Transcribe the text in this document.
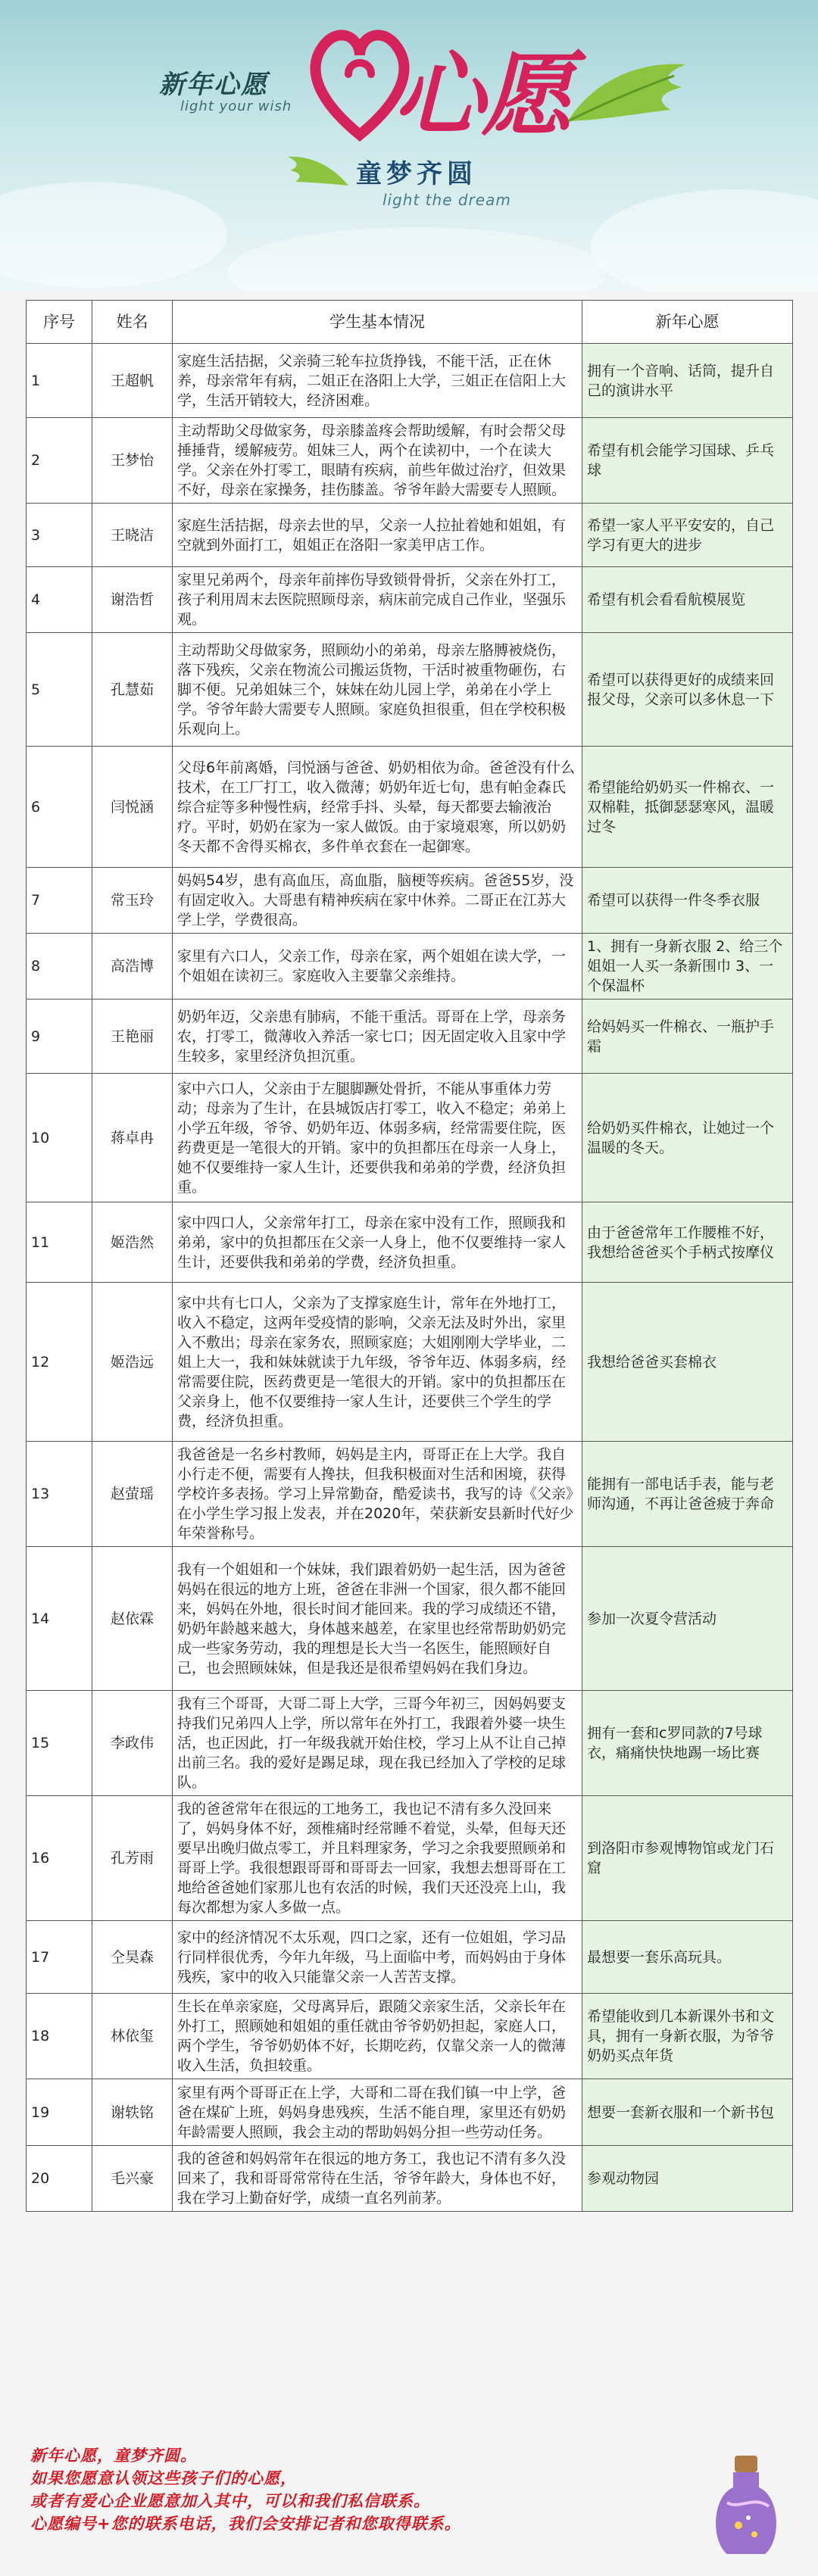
新年心愿
light your wish 心愿
童梦齐圆
light the dream
序号	姓名	学生基本情况	新年心愿
1	王超帆	家庭生活拮据，父亲骑三轮车拉货挣钱，不能干活，正在休养，母亲常年有病，二姐正在洛阳上大学，三姐正在信阳上大学，生活开销较大，经济困难。	拥有一个音响、话筒，提升自己的演讲水平
2	王梦怡	主动帮助父母做家务，母亲膝盖疼会帮助缓解，有时会帮父母捶捶背，缓解疲劳。姐妹三人，两个在读初中，一个在读大学。父亲在外打零工，眼睛有疾病，前些年做过治疗，但效果不好，母亲在家操务，挂伤膝盖。爷爷年龄大需要专人照顾。	希望有机会能学习国球、乒乓球
3	王晓洁	家庭生活拮据，母亲去世的早，父亲一人拉扯着她和姐姐，有空就到外面打工，姐姐正在洛阳一家美甲店工作。	希望一家人平平安安的，自己学习有更大的进步
4	谢浩哲	家里兄弟两个，母亲年前摔伤导致锁骨骨折，父亲在外打工，孩子利用周末去医院照顾母亲，病床前完成自己作业，坚强乐观。	希望有机会看看航模展览
5	孔慧茹	主动帮助父母做家务，照顾幼小的弟弟，母亲左胳膊被烧伤，落下残疾，父亲在物流公司搬运货物，干活时被重物砸伤，右脚不便。兄弟姐妹三个，妹妹在幼儿园上学，弟弟在小学上学。爷爷年龄大需要专人照顾。家庭负担很重，但在学校积极乐观向上。	希望可以获得更好的成绩来回报父母，父亲可以多休息一下
6	闫悦涵	父母6年前离婚，闫悦涵与爸爸、奶奶相依为命。爸爸没有什么技术，在工厂打工，收入微薄；奶奶年近七旬，患有帕金森氏综合症等多种慢性病，经常手抖、头晕，每天都要去输液治疗。平时，奶奶在家为一家人做饭。由于家境艰寒，所以奶奶冬天都不舍得买棉衣，多件单衣套在一起御寒。	希望能给奶奶买一件棉衣、一双棉鞋，抵御瑟瑟寒风，温暖过冬
7	常玉玲	妈妈54岁，患有高血压，高血脂，脑梗等疾病。爸爸55岁，没有固定收入。大哥患有精神疾病在家中休养。二哥正在江苏大学上学，学费很高。	希望可以获得一件冬季衣服
8	高浩博	家里有六口人，父亲工作，母亲在家，两个姐姐在读大学，一个姐姐在读初三。家庭收入主要靠父亲维持。	1、拥有一身新衣服 2、给三个姐姐一人买一条新围巾 3、一个保温杯
9	王艳丽	奶奶年迈，父亲患有肺病，不能干重活。哥哥在上学，母亲务农，打零工，微薄收入养活一家七口；因无固定收入且家中学生较多，家里经济负担沉重。	给妈妈买一件棉衣、一瓶护手霜
10	蒋卓冉	家中六口人，父亲由于左腿脚蹶处骨折，不能从事重体力劳动；母亲为了生计，在县城饭店打零工，收入不稳定；弟弟上小学五年级，爷爷、奶奶年迈、体弱多病，经常需要住院，医药费更是一笔很大的开销。家中的负担都压在母亲一人身上，她不仅要维持一家人生计，还要供我和弟弟的学费，经济负担重。	给奶奶买件棉衣，让她过一个温暖的冬天。
11	姬浩然	家中四口人，父亲常年打工，母亲在家中没有工作，照顾我和弟弟，家中的负担都压在父亲一人身上，他不仅要维持一家人生计，还要供我和弟弟的学费，经济负担重。	由于爸爸常年工作腰椎不好，我想给爸爸买个手柄式按摩仪
12	姬浩远	家中共有七口人，父亲为了支撑家庭生计，常年在外地打工，收入不稳定，这两年受疫情的影响，父亲无法及时外出，家里入不敷出；母亲在家务农，照顾家庭；大姐刚刚大学毕业，二姐上大一，我和妹妹就读于九年级，爷爷年迈、体弱多病，经常需要住院，医药费更是一笔很大的开销。家中的负担都压在父亲身上，他不仅要维持一家人生计，还要供三个学生的学费，经济负担重。	我想给爸爸买套棉衣
13	赵萤瑶	我爸爸是一名乡村教师，妈妈是主内，哥哥正在上大学。我自小行走不便，需要有人搀扶，但我积极面对生活和困境，获得学校许多表扬。学习上异常勤奋，酷爱读书，我写的诗《父亲》在小学生学习报上发表，并在2020年，荣获新安县新时代好少年荣誉称号。	能拥有一部电话手表，能与老师沟通，不再让爸爸疲于奔命
14	赵依霖	我有一个姐姐和一个妹妹，我们跟着奶奶一起生活，因为爸爸妈妈在很远的地方上班，爸爸在非洲一个国家，很久都不能回来，妈妈在外地，很长时间才能回来。我的学习成绩还不错，奶奶年龄越来越大，身体越来越差，在家里也经常帮助奶奶完成一些家务劳动，我的理想是长大当一名医生，能照顾好自己，也会照顾妹妹，但是我还是很希望妈妈在我们身边。	参加一次夏令营活动
15	李政伟	我有三个哥哥，大哥二哥上大学，三哥今年初三，因妈妈要支持我们兄弟四人上学，所以常年在外打工，我跟着外婆一块生活，也正因此，打一年级我就开始住校，学习上从不让自己掉出前三名。我的爱好是踢足球，现在我已经加入了学校的足球队。	拥有一套和c罗同款的7号球衣，痛痛快快地踢一场比赛
16	孔芳雨	我的爸爸常年在很远的工地务工，我也记不清有多久没回来了，妈妈身体不好，颈椎痛时经常睡不着觉，头晕，但每天还要早出晚归做点零工，并且料理家务，学习之余我要照顾弟和哥哥上学。我很想跟哥哥和哥哥去一回家，我想去想哥哥在工地给爸爸她们家那儿也有农活的时候，我们天还没亮上山，我每次都想为家人多做一点。	到洛阳市参观博物馆或龙门石窟
17	仝昊森	家中的经济情况不太乐观，四口之家，还有一位姐姐，学习品行同样很优秀，今年九年级，马上面临中考，而妈妈由于身体残疾，家中的收入只能靠父亲一人苦苦支撑。	最想要一套乐高玩具。
18	林依玺	生长在单亲家庭，父母离异后，跟随父亲家生活，父亲长年在外打工，照顾她和姐姐的重任就由爷爷奶奶担起，家庭人口，两个学生，爷爷奶奶体不好，长期吃药，仅靠父亲一人的微薄收入生活，负担较重。	希望能收到几本新课外书和文具，拥有一身新衣服，为爷爷奶奶买点年货
19	谢轶铭	家里有两个哥哥正在上学，大哥和二哥在我们镇一中上学，爸爸在煤矿上班，妈妈身患残疾，生活不能自理，家里还有奶奶年龄需要人照顾，我会主动的帮助妈妈分担一些劳动任务。	想要一套新衣服和一个新书包
20	毛兴豪	我的爸爸和妈妈常年在很远的地方务工，我也记不清有多久没回来了，我和哥哥常常待在生活，爷爷年龄大，身体也不好，我在学习上勤奋好学，成绩一直名列前茅。	参观动物园
新年心愿，童梦齐圆。
如果您愿意认领这些孩子们的心愿，
或者有爱心企业愿意加入其中，可以和我们私信联系。
心愿编号+您的联系电话，我们会安排记者和您取得联系。
